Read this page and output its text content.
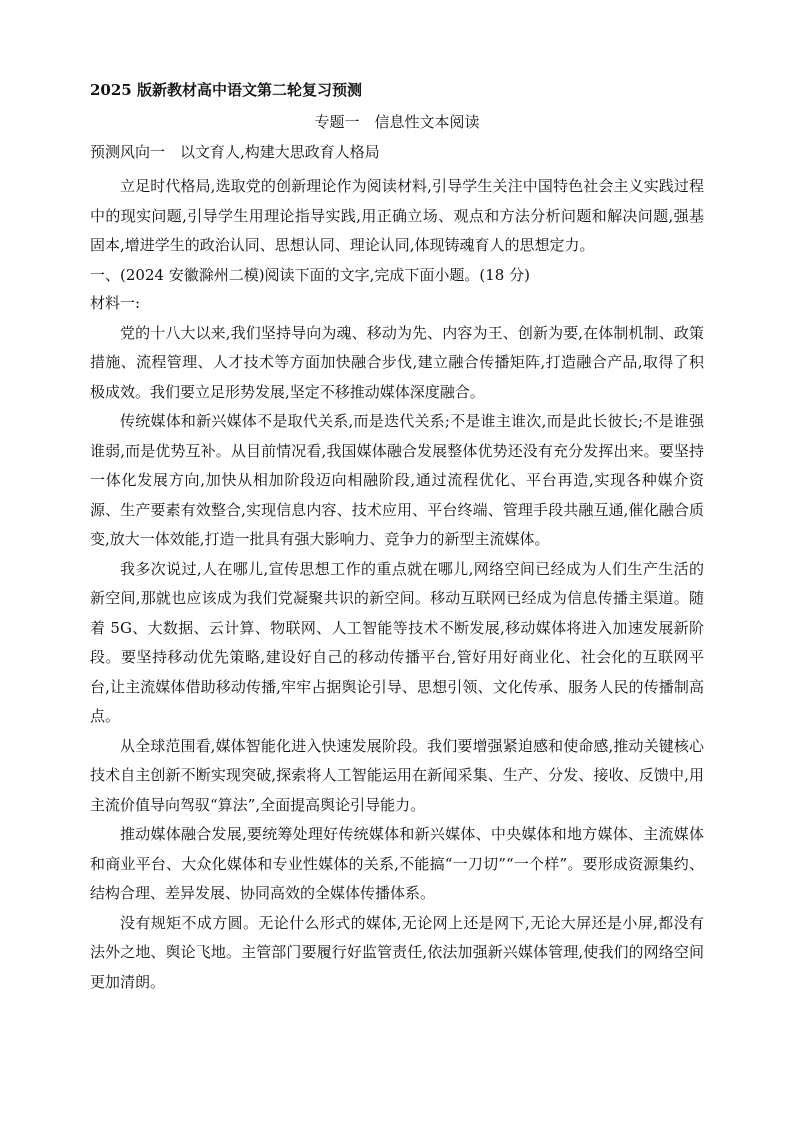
2025 版新教材高中语文第二轮复习预测
专题一　信息性文本阅读
预测风向一　以文育人,构建大思政育人格局

立足时代格局,选取党的创新理论作为阅读材料,引导学生关注中国特色社会主义实践过程中的现实问题,引导学生用理论指导实践,用正确立场、观点和方法分析问题和解决问题,强基固本,增进学生的政治认同、思想认同、理论认同,体现铸魂育人的思想定力。

一、(2024 安徽滁州二模)阅读下面的文字,完成下面小题。(18 分)

材料一:

党的十八大以来,我们坚持导向为魂、移动为先、内容为王、创新为要,在体制机制、政策措施、流程管理、人才技术等方面加快融合步伐,建立融合传播矩阵,打造融合产品,取得了积极成效。我们要立足形势发展,坚定不移推动媒体深度融合。

传统媒体和新兴媒体不是取代关系,而是迭代关系;不是谁主谁次,而是此长彼长;不是谁强谁弱,而是优势互补。从目前情况看,我国媒体融合发展整体优势还没有充分发挥出来。要坚持一体化发展方向,加快从相加阶段迈向相融阶段,通过流程优化、平台再造,实现各种媒介资源、生产要素有效整合,实现信息内容、技术应用、平台终端、管理手段共融互通,催化融合质变,放大一体效能,打造一批具有强大影响力、竞争力的新型主流媒体。

我多次说过,人在哪儿,宣传思想工作的重点就在哪儿,网络空间已经成为人们生产生活的新空间,那就也应该成为我们党凝聚共识的新空间。移动互联网已经成为信息传播主渠道。随着 5G、大数据、云计算、物联网、人工智能等技术不断发展,移动媒体将进入加速发展新阶段。要坚持移动优先策略,建设好自己的移动传播平台,管好用好商业化、社会化的互联网平台,让主流媒体借助移动传播,牢牢占据舆论引导、思想引领、文化传承、服务人民的传播制高点。

从全球范围看,媒体智能化进入快速发展阶段。我们要增强紧迫感和使命感,推动关键核心技术自主创新不断实现突破,探索将人工智能运用在新闻采集、生产、分发、接收、反馈中,用主流价值导向驾驭“算法”,全面提高舆论引导能力。

推动媒体融合发展,要统筹处理好传统媒体和新兴媒体、中央媒体和地方媒体、主流媒体和商业平台、大众化媒体和专业性媒体的关系,不能搞“一刀切”“一个样”。要形成资源集约、结构合理、差异发展、协同高效的全媒体传播体系。

没有规矩不成方圆。无论什么形式的媒体,无论网上还是网下,无论大屏还是小屏,都没有法外之地、舆论飞地。主管部门要履行好监管责任,依法加强新兴媒体管理,使我们的网络空间更加清朗。
